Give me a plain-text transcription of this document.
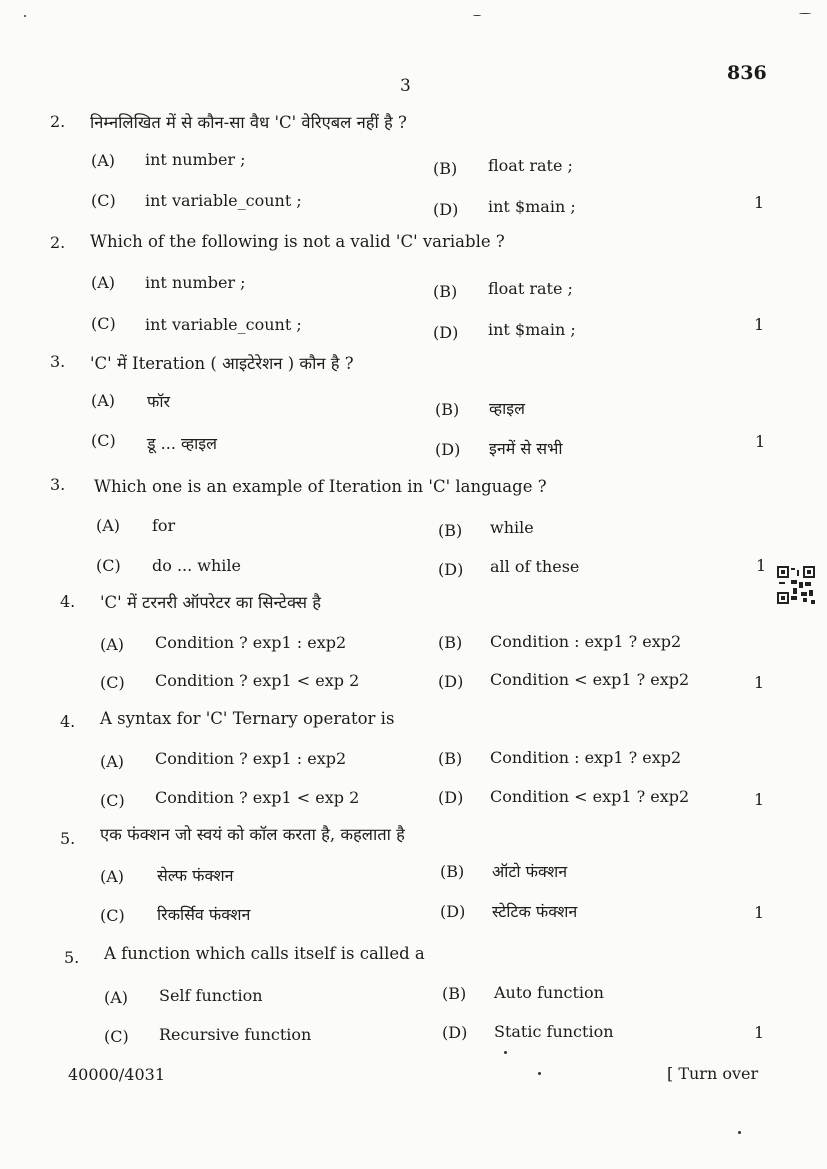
3
836
2. निम्नलिखित में से कौन-सा वैध 'C' वेरिएबल नहीं है ?
(A) int number ;	(B) float rate ;
(C) int variable_count ;	(D) int $main ;	1
2. Which of the following is not a valid 'C' variable ?
(A) int number ;	(B) float rate ;
(C) int variable_count ;	(D) int $main ;	1
3. 'C' में Iteration ( आइटेरेशन ) कौन है ?
(A) फॉर	(B) व्हाइल
(C) डू ... व्हाइल	(D) इनमें से सभी	1
3. Which one is an example of Iteration in 'C' language ?
(A) for	(B) while
(C) do ... while	(D) all of these	1
4. 'C' में टरनरी ऑपरेटर का सिन्टेक्स है
(A) Condition ? exp1 : exp2	(B) Condition : exp1 ? exp2
(C) Condition ? exp1 < exp 2	(D) Condition < exp1 ? exp2	1
4. A syntax for 'C' Ternary operator is
(A) Condition ? exp1 : exp2	(B) Condition : exp1 ? exp2
(C) Condition ? exp1 < exp 2	(D) Condition < exp1 ? exp2	1
5. एक फंक्शन जो स्वयं को कॉल करता है, कहलाता है
(A) सेल्फ फंक्शन	(B) ऑटो फंक्शन
(C) रिकर्सिव फंक्शन	(D) स्टेटिक फंक्शन	1
5. A function which calls itself is called a
(A) Self function	(B) Auto function
(C) Recursive function	(D) Static function	1
40000/4031	[ Turn over
